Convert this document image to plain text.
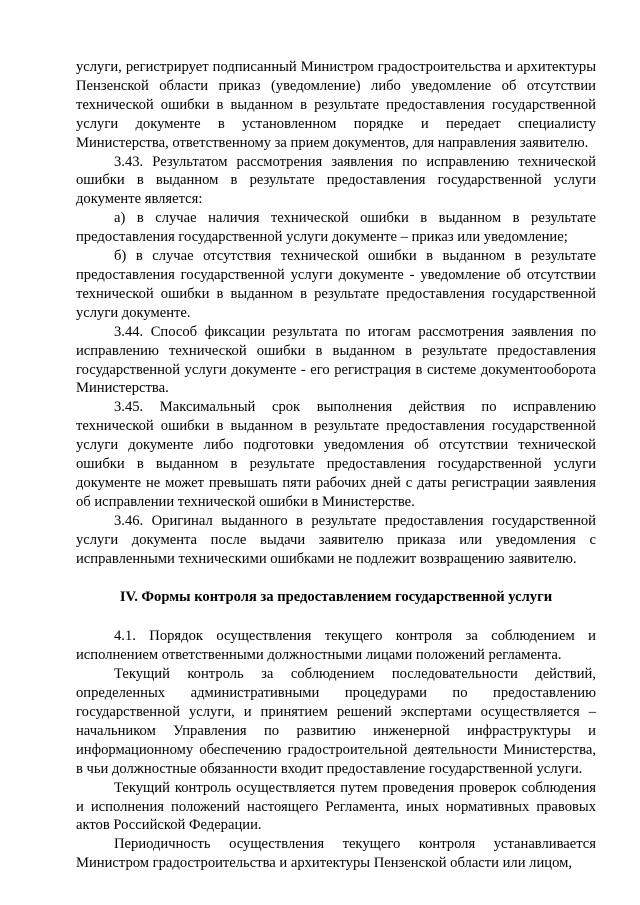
услуги, регистрирует подписанный Министром градостроительства и архитектуры Пензенской области приказ (уведомление) либо уведомление об отсутствии технической ошибки в выданном в результате предоставления государственной услуги документе в установленном порядке и передает специалисту Министерства, ответственному за прием документов, для направления заявителю.

3.43. Результатом рассмотрения заявления по исправлению технической ошибки в выданном в результате предоставления государственной услуги документе является:

а) в случае наличия технической ошибки в выданном в результате предоставления государственной услуги документе – приказ или уведомление;

б) в случае отсутствия технической ошибки в выданном в результате предоставления государственной услуги документе - уведомление об отсутствии технической ошибки в выданном в результате предоставления государственной услуги документе.

3.44. Способ фиксации результата по итогам рассмотрения заявления по исправлению технической ошибки в выданном в результате предоставления государственной услуги документе - его регистрация в системе документооборота Министерства.

3.45. Максимальный срок выполнения действия по исправлению технической ошибки в выданном в результате предоставления государственной услуги документе либо подготовки уведомления об отсутствии технической ошибки в выданном в результате предоставления государственной услуги документе не может превышать пяти рабочих дней с даты регистрации заявления об исправлении технической ошибки в Министерстве.

3.46. Оригинал выданного в результате предоставления государственной услуги документа после выдачи заявителю приказа или уведомления с исправленными техническими ошибками не подлежит возвращению заявителю.

IV. Формы контроля за предоставлением государственной услуги

4.1. Порядок осуществления текущего контроля за соблюдением и исполнением ответственными должностными лицами положений регламента.

Текущий контроль за соблюдением последовательности действий, определенных административными процедурами по предоставлению государственной услуги, и принятием решений экспертами осуществляется – начальником Управления по развитию инженерной инфраструктуры и информационному обеспечению градостроительной деятельности Министерства, в чьи должностные обязанности входит предоставление государственной услуги.

Текущий контроль осуществляется путем проведения проверок соблюдения и исполнения положений настоящего Регламента, иных нормативных правовых актов Российской Федерации.

Периодичность осуществления текущего контроля устанавливается Министром градостроительства и архитектуры Пензенской области или лицом,
